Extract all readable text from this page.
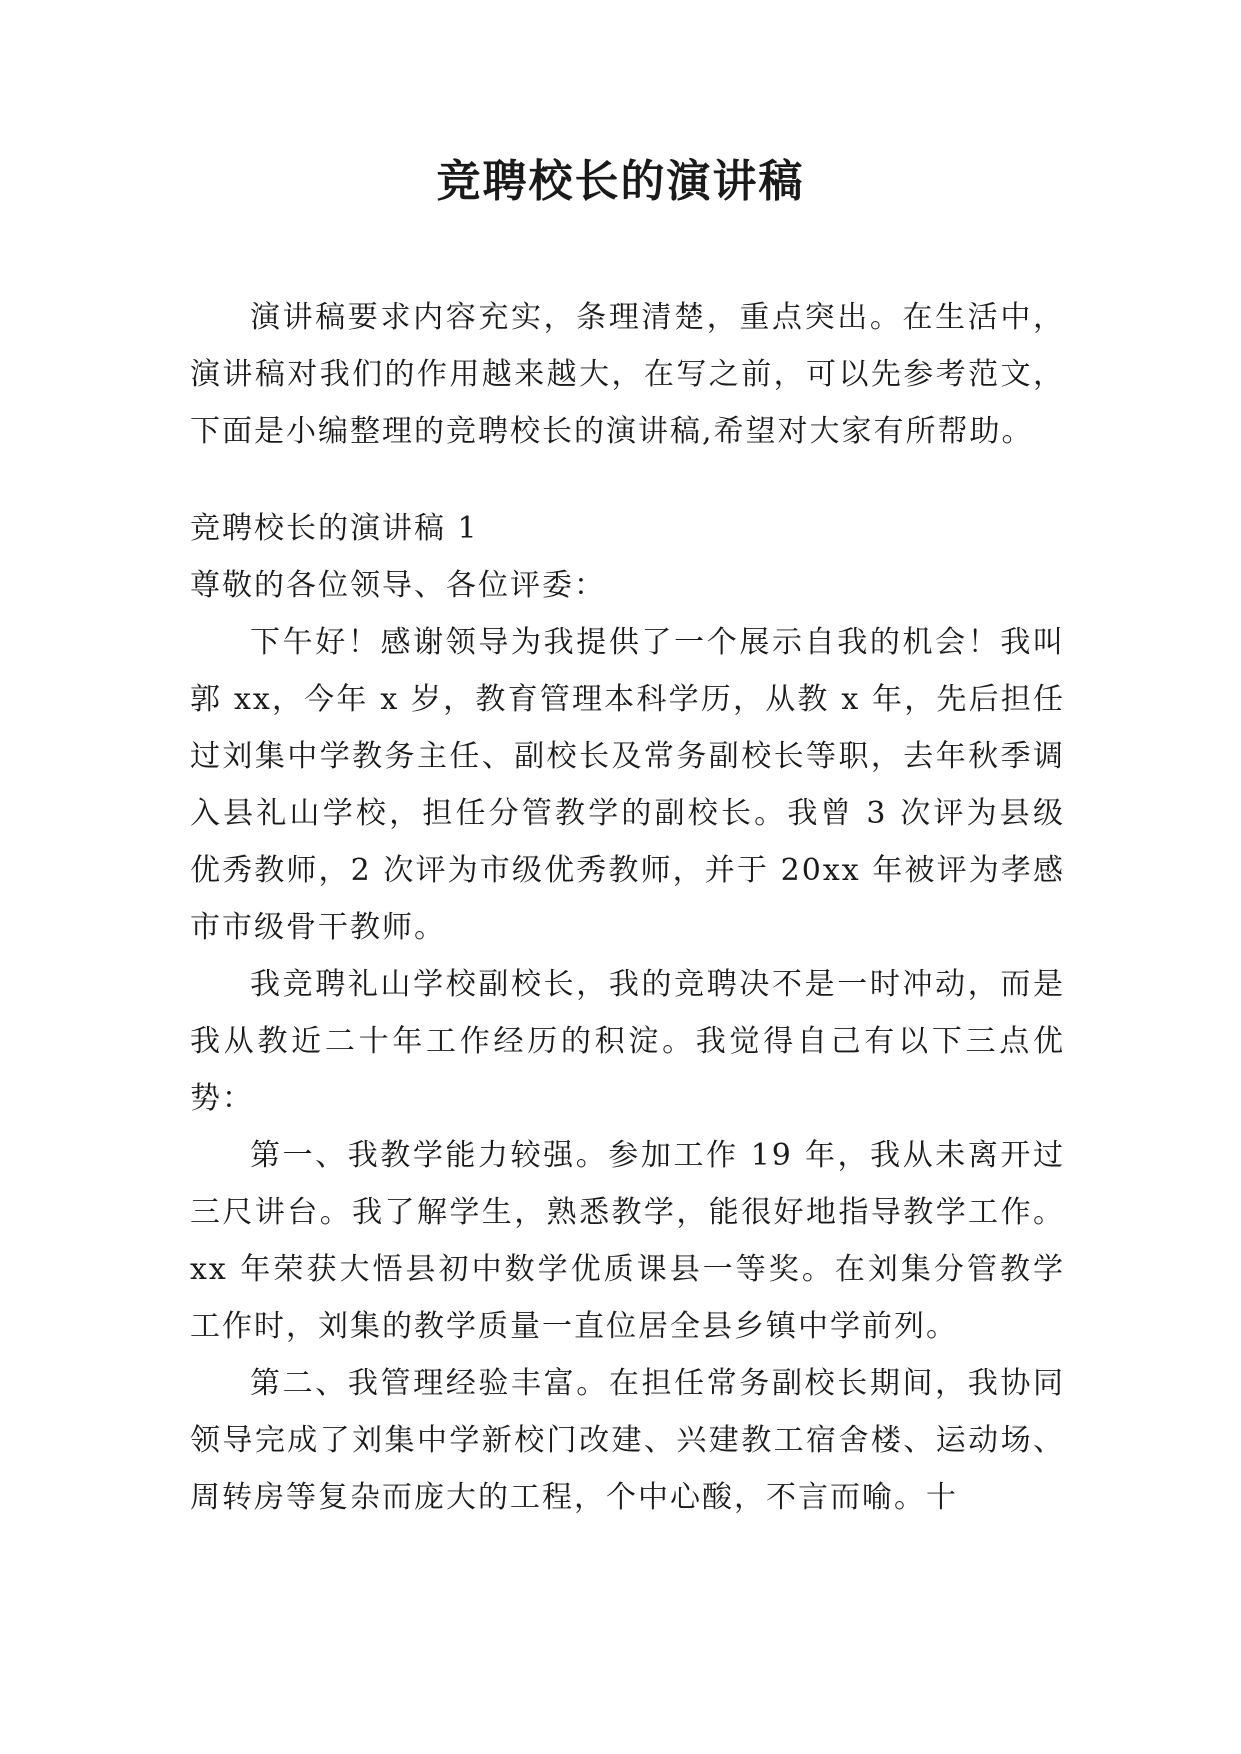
竞聘校长的演讲稿

演讲稿要求内容充实，条理清楚，重点突出。在生活中，演讲稿对我们的作用越来越大，在写之前，可以先参考范文，下面是小编整理的竞聘校长的演讲稿,希望对大家有所帮助。

竞聘校长的演讲稿 1

尊敬的各位领导、各位评委：

下午好！感谢领导为我提供了一个展示自我的机会！我叫郭 xx，今年 x 岁，教育管理本科学历，从教 x 年，先后担任过刘集中学教务主任、副校长及常务副校长等职，去年秋季调入县礼山学校，担任分管教学的副校长。我曾 3 次评为县级优秀教师，2 次评为市级优秀教师，并于 20xx 年被评为孝感市市级骨干教师。

我竞聘礼山学校副校长，我的竞聘决不是一时冲动，而是我从教近二十年工作经历的积淀。我觉得自己有以下三点优势：

第一、我教学能力较强。参加工作 19 年，我从未离开过三尺讲台。我了解学生，熟悉教学，能很好地指导教学工作。xx 年荣获大悟县初中数学优质课县一等奖。在刘集分管教学工作时，刘集的教学质量一直位居全县乡镇中学前列。

第二、我管理经验丰富。在担任常务副校长期间，我协同领导完成了刘集中学新校门改建、兴建教工宿舍楼、运动场、周转房等复杂而庞大的工程，个中心酸，不言而喻。十
